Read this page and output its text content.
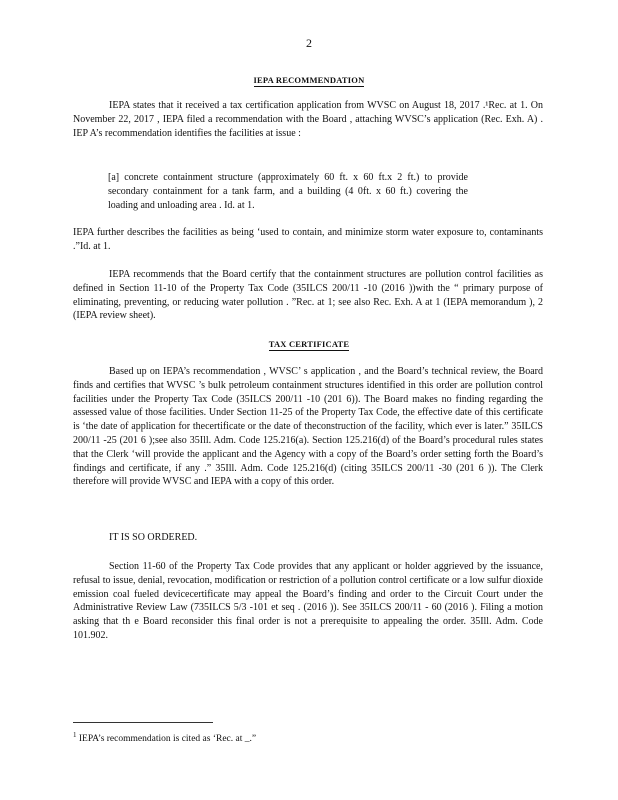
2
IEPA RECOMMENDATION

IEPA states that it received a tax certification application from WVSC on August 18, 2017 .¹Rec. at 1. On November 22, 2017 , IEPA filed a recommendation with the Board , attaching WVSC’s application (Rec. Exh. A) . IEP A’s recommendation identifies the facilities at issue :

[a] concrete containment structure (approximately 60 ft. x 60 ft.x 2 ft.) to provide secondary containment for a tank farm, and a building (4 0ft. x 60 ft.) covering the loading and unloading area . Id. at 1.

IEPA further describes the facilities as being ‘used to contain, and minimize storm water exposure to, contaminants .”Id. at 1.

IEPA recommends that the Board certify that the containment structures are pollution control facilities as defined in Section 11-10 of the Property Tax Code (35ILCS 200/11 -10 (2016 ))with the “ primary purpose of eliminating, preventing, or reducing water pollution . ”Rec. at 1; see also Rec. Exh. A at 1 (IEPA memorandum ), 2 (IEPA review sheet).

TAX CERTIFICATE

Based up on IEPA’s recommendation , WVSC’ s application , and the Board’s technical review, the Board finds and certifies that WVSC ’s bulk petroleum containment structures identified in this order are pollution control facilities under the Property Tax Code (35ILCS 200/11 -10 (201 6)). The Board makes no finding regarding the assessed value of those facilities. Under Section 11-25 of the Property Tax Code, the effective date of this certificate is ‘the date of application for thecertificate or the date of theconstruction of the facility, which ever is later.” 35ILCS 200/11 -25 (201 6 );see also 35Ill. Adm. Code 125.216(a). Section 125.216(d) of the Board’s procedural rules states that the Clerk ‘will provide the applicant and the Agency with a copy of the Board’s order setting forth the Board’s findings and certificate, if any .” 35Ill. Adm. Code 125.216(d) (citing 35ILCS 200/11 -30 (201 6 )). The Clerk therefore will provide WVSC and IEPA with a copy of this order.

IT IS SO ORDERED.

Section 11-60 of the Property Tax Code provides that any applicant or holder aggrieved by the issuance, refusal to issue, denial, revocation, modification or restriction of a pollution control certificate or a low sulfur dioxide emission coal fueled devicecertificate may appeal the Board’s finding and order to the Circuit Court under the Administrative Review Law (735ILCS 5/3 -101 et seq . (2016 )). See 35ILCS 200/11 - 60 (2016 ). Filing a motion asking that th e Board reconsider this final order is not a prerequisite to appealing the order. 35Ill. Adm. Code 101.902.

$^1$ IEPA’s recommendation is cited as ‘Rec. at _.”
